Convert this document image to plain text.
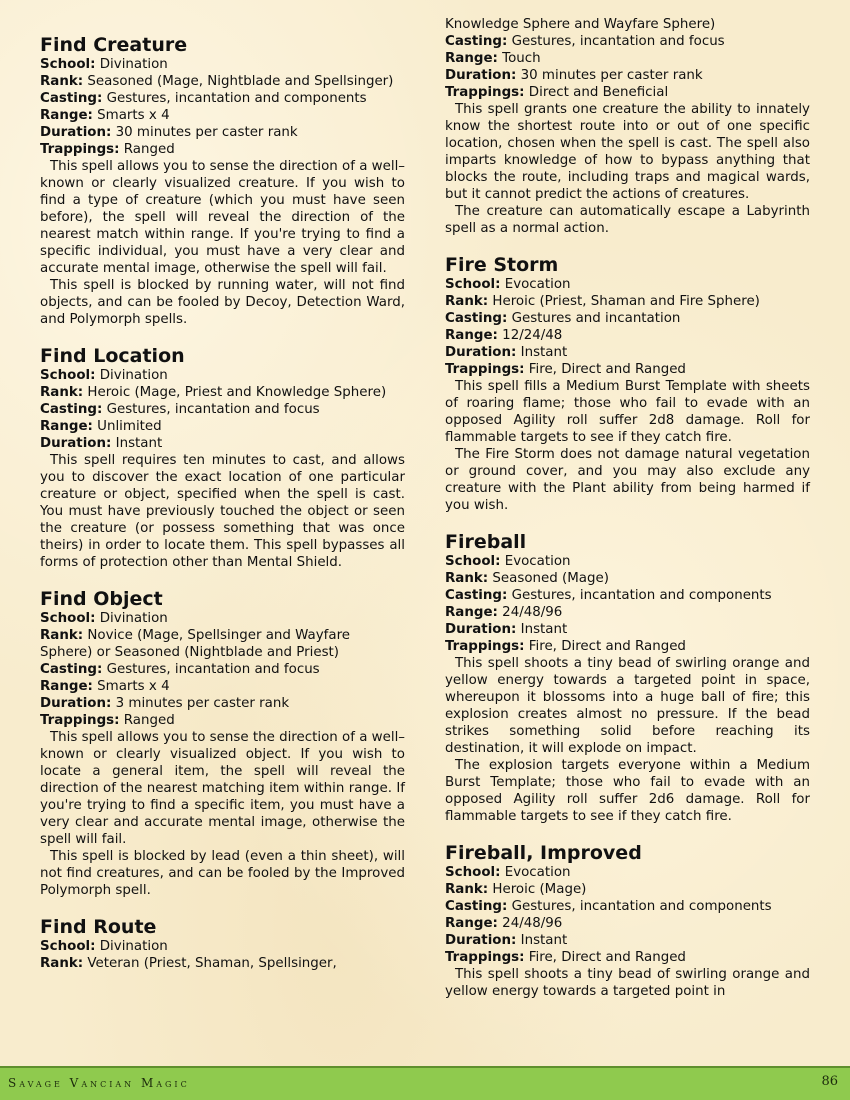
Find Creature
School: Divination
Rank: Seasoned (Mage, Nightblade and Spellsinger)
Casting: Gestures, incantation and components
Range: Smarts x 4
Duration: 30 minutes per caster rank
Trappings: Ranged

This spell allows you to sense the direction of a well–known or clearly visualized creature. If you wish to find a type of creature (which you must have seen before), the spell will reveal the direction of the nearest match within range. If you're trying to find a specific individual, you must have a very clear and accurate mental image, otherwise the spell will fail.

This spell is blocked by running water, will not find objects, and can be fooled by Decoy, Detection Ward, and Polymorph spells.

Find Location
School: Divination
Rank: Heroic (Mage, Priest and Knowledge Sphere)
Casting: Gestures, incantation and focus
Range: Unlimited
Duration: Instant

This spell requires ten minutes to cast, and allows you to discover the exact location of one particular creature or object, specified when the spell is cast. You must have previously touched the object or seen the creature (or possess something that was once theirs) in order to locate them. This spell bypasses all forms of protection other than Mental Shield.

Find Object
School: Divination
Rank: Novice (Mage, Spellsinger and Wayfare Sphere) or Seasoned (Nightblade and Priest)
Casting: Gestures, incantation and focus
Range: Smarts x 4
Duration: 3 minutes per caster rank
Trappings: Ranged

This spell allows you to sense the direction of a well–known or clearly visualized object. If you wish to locate a general item, the spell will reveal the direction of the nearest matching item within range. If you're trying to find a specific item, you must have a very clear and accurate mental image, otherwise the spell will fail.

This spell is blocked by lead (even a thin sheet), will not find creatures, and can be fooled by the Improved Polymorph spell.

Find Route
School: Divination
Rank: Veteran (Priest, Shaman, Spellsinger,
Knowledge Sphere and Wayfare Sphere)
Casting: Gestures, incantation and focus
Range: Touch
Duration: 30 minutes per caster rank
Trappings: Direct and Beneficial

This spell grants one creature the ability to innately know the shortest route into or out of one specific location, chosen when the spell is cast. The spell also imparts knowledge of how to bypass anything that blocks the route, including traps and magical wards, but it cannot predict the actions of creatures.

The creature can automatically escape a Labyrinth spell as a normal action.

Fire Storm
School: Evocation
Rank: Heroic (Priest, Shaman and Fire Sphere)
Casting: Gestures and incantation
Range: 12/24/48
Duration: Instant
Trappings: Fire, Direct and Ranged

This spell fills a Medium Burst Template with sheets of roaring flame; those who fail to evade with an opposed Agility roll suffer 2d8 damage. Roll for flammable targets to see if they catch fire.

The Fire Storm does not damage natural vegetation or ground cover, and you may also exclude any creature with the Plant ability from being harmed if you wish.

Fireball
School: Evocation
Rank: Seasoned (Mage)
Casting: Gestures, incantation and components
Range: 24/48/96
Duration: Instant
Trappings: Fire, Direct and Ranged

This spell shoots a tiny bead of swirling orange and yellow energy towards a targeted point in space, whereupon it blossoms into a huge ball of fire; this explosion creates almost no pressure. If the bead strikes something solid before reaching its destination, it will explode on impact.

The explosion targets everyone within a Medium Burst Template; those who fail to evade with an opposed Agility roll suffer 2d6 damage. Roll for flammable targets to see if they catch fire.

Fireball, Improved
School: Evocation
Rank: Heroic (Mage)
Casting: Gestures, incantation and components
Range: 24/48/96
Duration: Instant
Trappings: Fire, Direct and Ranged

This spell shoots a tiny bead of swirling orange and yellow energy towards a targeted point in

Savage Vancian Magic	86
